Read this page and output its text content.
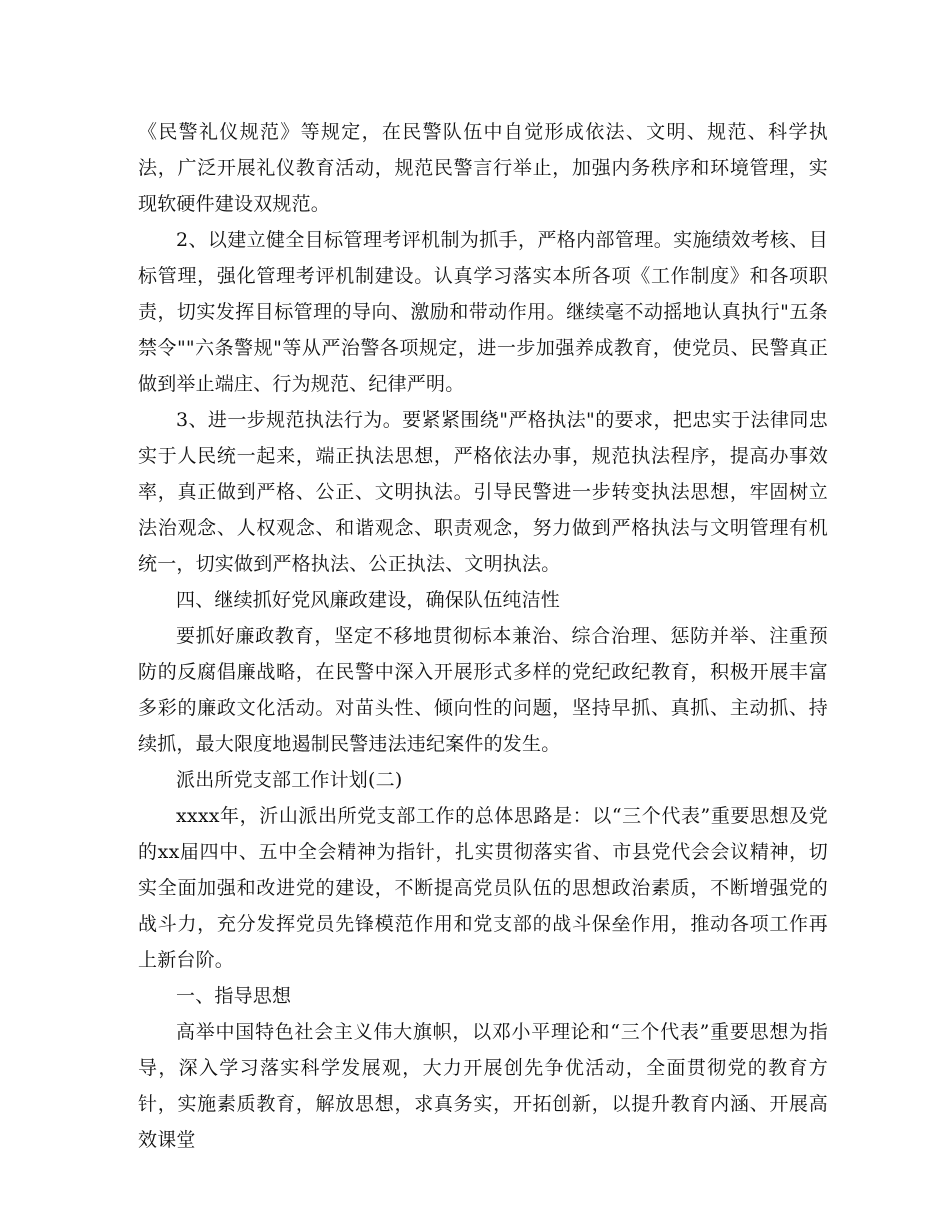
《民警礼仪规范》等规定，在民警队伍中自觉形成依法、文明、规范、科学执法，广泛开展礼仪教育活动，规范民警言行举止，加强内务秩序和环境管理，实现软硬件建设双规范。

2、以建立健全目标管理考评机制为抓手，严格内部管理。实施绩效考核、目标管理，强化管理考评机制建设。认真学习落实本所各项《工作制度》和各项职责，切实发挥目标管理的导向、激励和带动作用。继续毫不动摇地认真执行"五条禁令""六条警规"等从严治警各项规定，进一步加强养成教育，使党员、民警真正做到举止端庄、行为规范、纪律严明。

3、进一步规范执法行为。要紧紧围绕"严格执法"的要求，把忠实于法律同忠实于人民统一起来，端正执法思想，严格依法办事，规范执法程序，提高办事效率，真正做到严格、公正、文明执法。引导民警进一步转变执法思想，牢固树立法治观念、人权观念、和谐观念、职责观念，努力做到严格执法与文明管理有机统一，切实做到严格执法、公正执法、文明执法。

四、继续抓好党风廉政建设，确保队伍纯洁性

要抓好廉政教育，坚定不移地贯彻标本兼治、综合治理、惩防并举、注重预防的反腐倡廉战略，在民警中深入开展形式多样的党纪政纪教育，积极开展丰富多彩的廉政文化活动。对苗头性、倾向性的问题，坚持早抓、真抓、主动抓、持续抓，最大限度地遏制民警违法违纪案件的发生。

派出所党支部工作计划(二)

xxxx年，沂山派出所党支部工作的总体思路是：以“三个代表”重要思想及党的xx届四中、五中全会精神为指针，扎实贯彻落实省、市县党代会会议精神，切实全面加强和改进党的建设，不断提高党员队伍的思想政治素质，不断增强党的战斗力，充分发挥党员先锋模范作用和党支部的战斗保垒作用，推动各项工作再上新台阶。

一、指导思想

高举中国特色社会主义伟大旗帜，以邓小平理论和“三个代表”重要思想为指导，深入学习落实科学发展观，大力开展创先争优活动，全面贯彻党的教育方针，实施素质教育，解放思想，求真务实，开拓创新，以提升教育内涵、开展高效课堂
